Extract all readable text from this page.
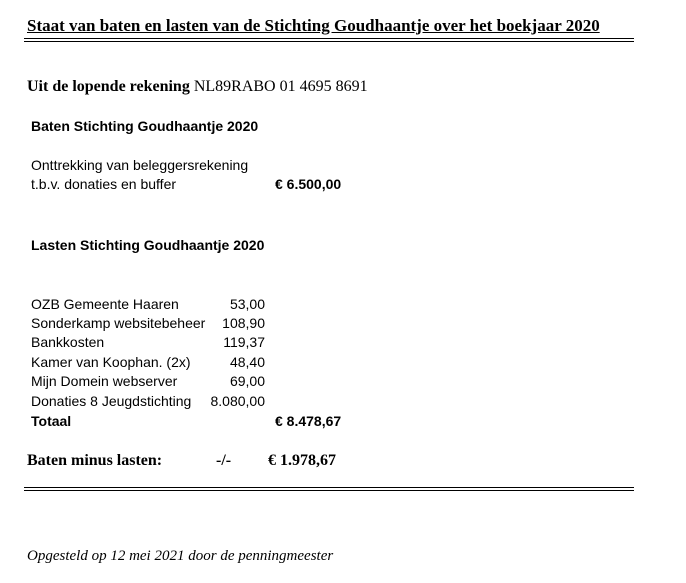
Staat van baten en lasten van de Stichting Goudhaantje over het boekjaar 2020
Uit de lopende rekening NL89RABO 01 4695 8691
Baten Stichting Goudhaantje 2020
Onttrekking van beleggersrekening
t.b.v. donaties en buffer	€ 6.500,00
Lasten Stichting Goudhaantje 2020
OZB Gemeente Haaren	53,00
Sonderkamp websitebeheer	108,90
Bankkosten	119,37
Kamer van Koophan. (2x)	48,40
Mijn Domein webserver	69,00
Donaties 8 Jeugdstichting 8.080,00
Totaal	€ 8.478,67
Baten minus lasten:	-/- € 1.978,67
Opgesteld op 12 mei 2021 door de penningmeester
